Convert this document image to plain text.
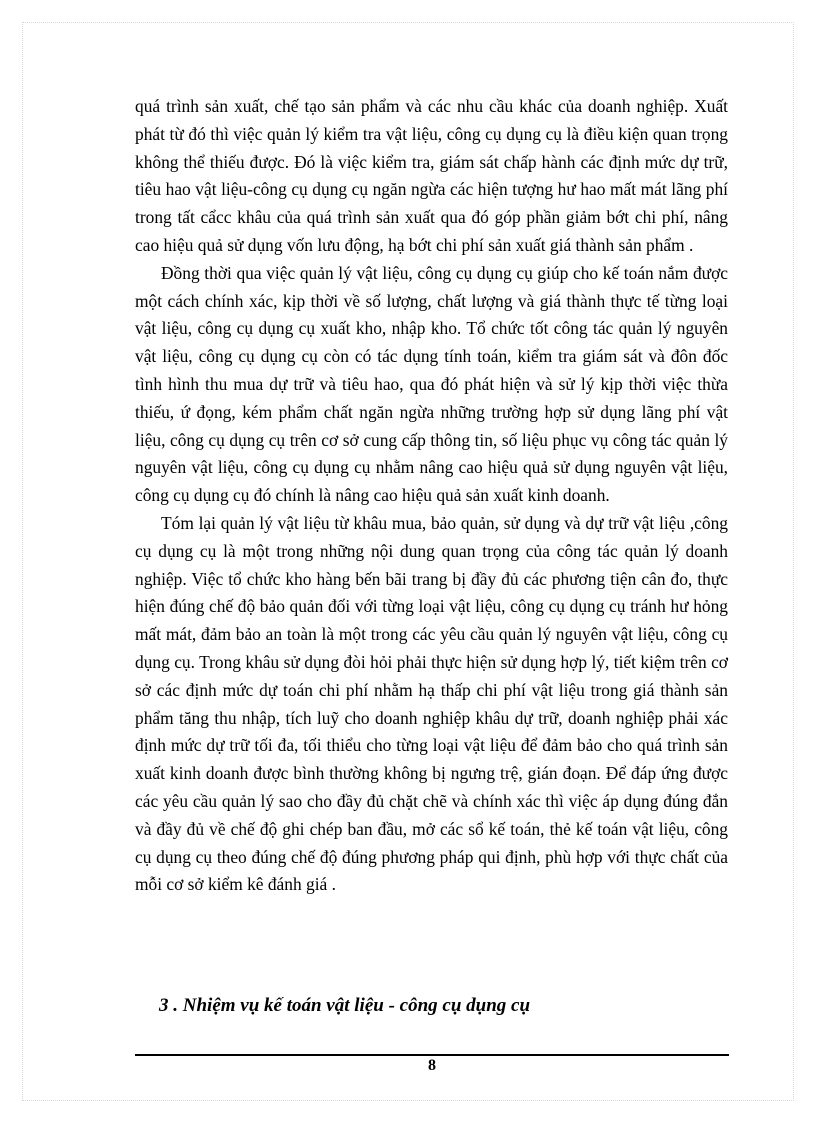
quá trình sản xuất, chế tạo sản phẩm và các nhu cầu khác của doanh nghiệp. Xuất phát từ đó thì việc quản lý kiểm tra vật liệu, công cụ dụng cụ là điều kiện quan trọng không thể thiếu được. Đó là việc kiểm tra, giám sát chấp hành các định mức dự trữ, tiêu hao vật liệu-công cụ dụng cụ ngăn ngừa các hiện tượng hư hao mất mát lãng phí trong tất cẩcc khâu của quá trình sản xuất qua đó góp phần giảm bớt chi phí, nâng cao hiệu quả sử dụng vốn lưu động, hạ bớt chi phí sản xuất giá thành sản phẩm .

Đồng thời qua việc quản lý vật liệu, công cụ dụng cụ giúp cho kế toán nắm được một cách chính xác, kịp thời về số lượng, chất lượng và giá thành thực tế từng loại vật liệu, công cụ dụng cụ xuất kho, nhập kho. Tổ chức tốt công tác quản lý nguyên vật liệu, công cụ dụng cụ còn có tác dụng tính toán, kiểm tra giám sát và đôn đốc tình hình thu mua dự trữ và tiêu hao, qua đó phát hiện và sử lý kịp thời việc thừa thiếu, ứ đọng, kém phẩm chất ngăn ngừa những trường hợp sử dụng lãng phí vật liệu, công cụ dụng cụ trên cơ sở cung cấp thông tin, số liệu phục vụ công tác quản lý nguyên vật liệu, công cụ dụng cụ nhằm nâng cao hiệu quả sử dụng nguyên vật liệu, công cụ dụng cụ đó chính là nâng cao hiệu quả sản xuất kinh doanh.

Tóm lại quản lý vật liệu từ khâu mua, bảo quản, sử dụng và dự trữ vật liệu ,công cụ dụng cụ là một trong những nội dung quan trọng của công tác quản lý doanh nghiệp. Việc tổ chức kho hàng bến bãi trang bị đầy đủ các phương tiện cân đo, thực hiện đúng chế độ bảo quản đối với từng loại vật liệu, công cụ dụng cụ tránh hư hỏng mất mát, đảm bảo an toàn là một trong các yêu cầu quản lý nguyên vật liệu, công cụ dụng cụ. Trong khâu sử dụng đòi hỏi phải thực hiện sử dụng hợp lý, tiết kiệm trên cơ sở các định mức dự toán chi phí nhằm hạ thấp chi phí vật liệu trong giá thành sản phẩm tăng thu nhập, tích luỹ cho doanh nghiệp khâu dự trữ, doanh nghiệp phải xác định mức dự trữ tối đa, tối thiểu cho từng loại vật liệu để đảm bảo cho quá trình sản xuất kinh doanh được bình thường không bị ngưng trệ, gián đoạn. Để đáp ứng được các yêu cầu quản lý sao cho đầy đủ chặt chẽ và chính xác thì việc áp dụng đúng đắn và đầy đủ về chế độ ghi chép ban đầu, mở các sổ kế toán, thẻ kế toán vật liệu, công cụ dụng cụ theo đúng chế độ đúng phương pháp qui định, phù hợp với thực chất của mỗi cơ sở kiểm kê đánh giá .

3 . Nhiệm vụ kế toán vật liệu - công cụ dụng cụ
8
